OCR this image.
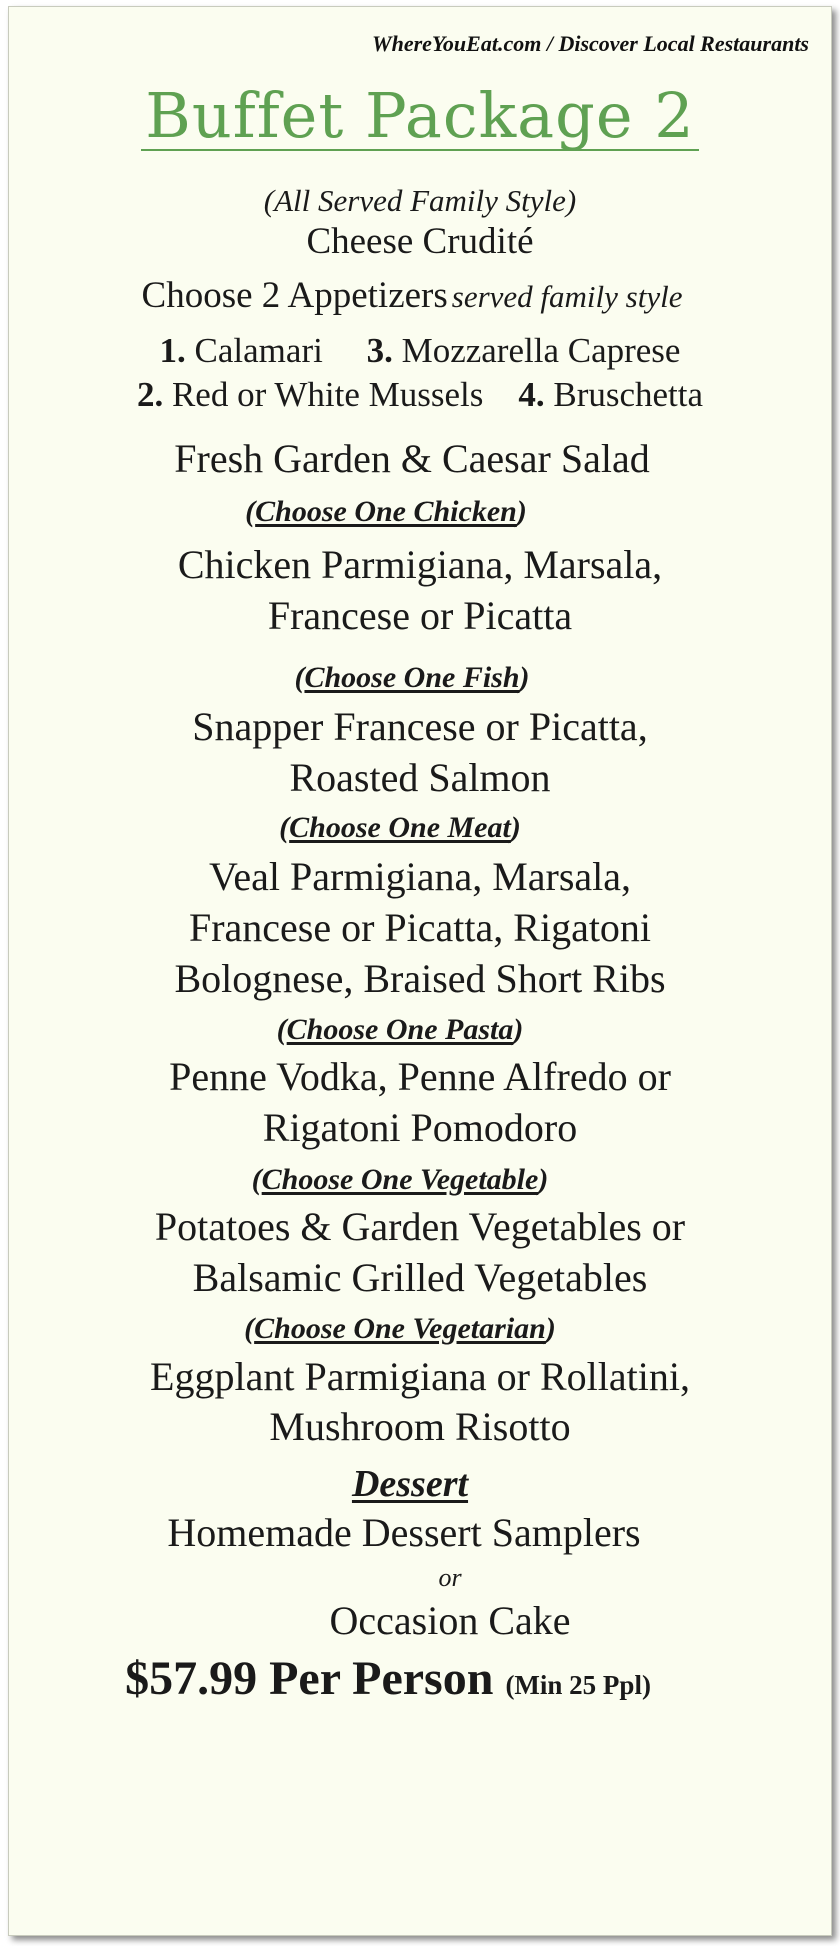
WhereYouEat.com / Discover Local Restaurants
Buffet Package 2
(All Served Family Style)
Cheese Crudité
Choose 2 Appetizers served family style
1. Calamari 3. Mozzarella Caprese
2. Red or White Mussels 4. Bruschetta
Fresh Garden & Caesar Salad
(Choose One Chicken)
Chicken Parmigiana, Marsala,
Francese or Picatta
(Choose One Fish)
Snapper Francese or Picatta,
Roasted Salmon
(Choose One Meat)
Veal Parmigiana, Marsala,
Francese or Picatta, Rigatoni
Bolognese, Braised Short Ribs
(Choose One Pasta)
Penne Vodka, Penne Alfredo or
Rigatoni Pomodoro
(Choose One Vegetable)
Potatoes & Garden Vegetables or
Balsamic Grilled Vegetables
(Choose One Vegetarian)
Eggplant Parmigiana or Rollatini,
Mushroom Risotto
Dessert
Homemade Dessert Samplers
or
Occasion Cake
$57.99 Per Person (Min 25 Ppl)
